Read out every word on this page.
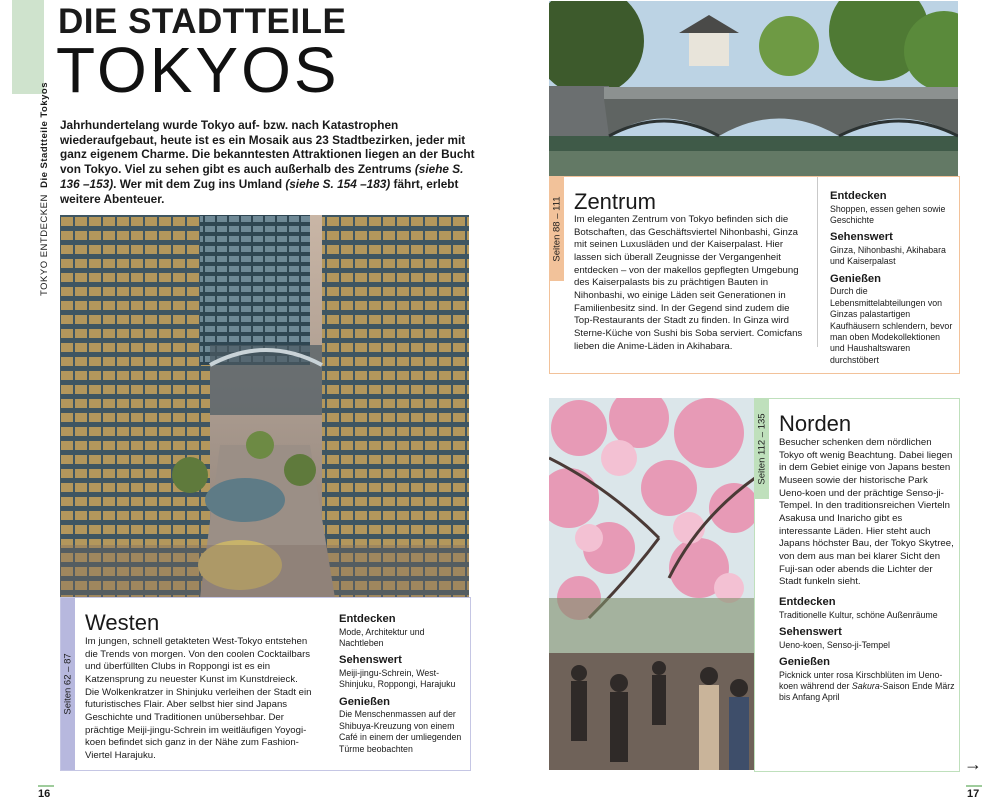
TOKYO ENTDECKEN  Die Stadtteile Tokyos
DIE STADTTEILE
TOKYOS
Jahrhundertelang wurde Tokyo auf- bzw. nach Katastrophen wiederaufgebaut, heute ist es ein Mosaik aus 23 Stadtbezirken, jeder mit ganz eigenem Charme. Die bekanntesten Attraktionen liegen an der Bucht von Tokyo. Viel zu sehen gibt es auch außerhalb des Zentrums (siehe S. 136 –153). Wer mit dem Zug ins Umland (siehe S. 154 –183) fährt, erlebt weitere Abenteuer.
Seiten 62 – 87
Westen
Im jungen, schnell getakteten West-Tokyo entstehen die Trends von morgen. Von den coolen Cocktailbars und überfüllten Clubs in Roppongi ist es ein Katzensprung zu neuester Kunst im Kunstdreieck. Die Wolkenkratzer in Shinjuku verleihen der Stadt ein futuristisches Flair. Aber selbst hier sind Japans Geschichte und Traditionen unübersehbar. Der prächtige Meiji-jingu-Schrein im weitläufigen Yoyogi-koen befindet sich ganz in der Nähe zum Fashion-Viertel Harajuku.
Entdecken

Mode, Architektur und Nachtleben

Sehenswert

Meiji-jingu-Schrein, West-Shinjuku, Roppongi, Harajuku

Genießen

Die Menschenmassen auf der Shibuya-Kreuzung von einem Café in einem der umliegenden Türme beobachten

16
Seiten 88 – 111 Zentrum
Im eleganten Zentrum von Tokyo befinden sich die Botschaften, das Geschäftsviertel Nihonbashi, Ginza mit seinen Luxusläden und der Kaiserpalast. Hier lassen sich überall Zeugnisse der Vergangenheit entdecken – von der makellos gepflegten Umgebung des Kaiserpalasts bis zu prächtigen Bauten in Nihonbashi, wo einige Läden seit Generationen in Familienbesitz sind. In der Gegend sind zudem die Top-Restaurants der Stadt zu finden. In Ginza wird Sterne-Küche von Sushi bis Soba serviert. Comicfans lieben die Anime-Läden in Akihabara.
Entdecken

Shoppen, essen gehen sowie Geschichte

Sehenswert

Ginza, Nihonbashi, Akihabara und Kaiserpalast

Genießen

Durch die Lebensmittelabteilungen von Ginzas palastartigen Kaufhäusern schlendern, bevor man oben Modekollektionen und Haushaltswaren durchstöbert

Seiten 112 – 135 Norden
Besucher schenken dem nördlichen Tokyo oft wenig Beachtung. Dabei liegen in dem Gebiet einige von Japans besten Museen sowie der historische Park Ueno-koen und der prächtige Senso-ji-Tempel. In den traditionsreichen Vierteln Asakusa und Inaricho gibt es interessante Läden. Hier steht auch Japans höchster Bau, der Tokyo Skytree, von dem aus man bei klarer Sicht den Fuji-san oder abends die Lichter der Stadt funkeln sieht.
Entdecken

Traditionelle Kultur, schöne Außenräume

Sehenswert

Ueno-koen, Senso-ji-Tempel

Genießen

Picknick unter rosa Kirschblüten im Ueno-koen während der Sakura-Saison Ende März bis Anfang April

→
17
